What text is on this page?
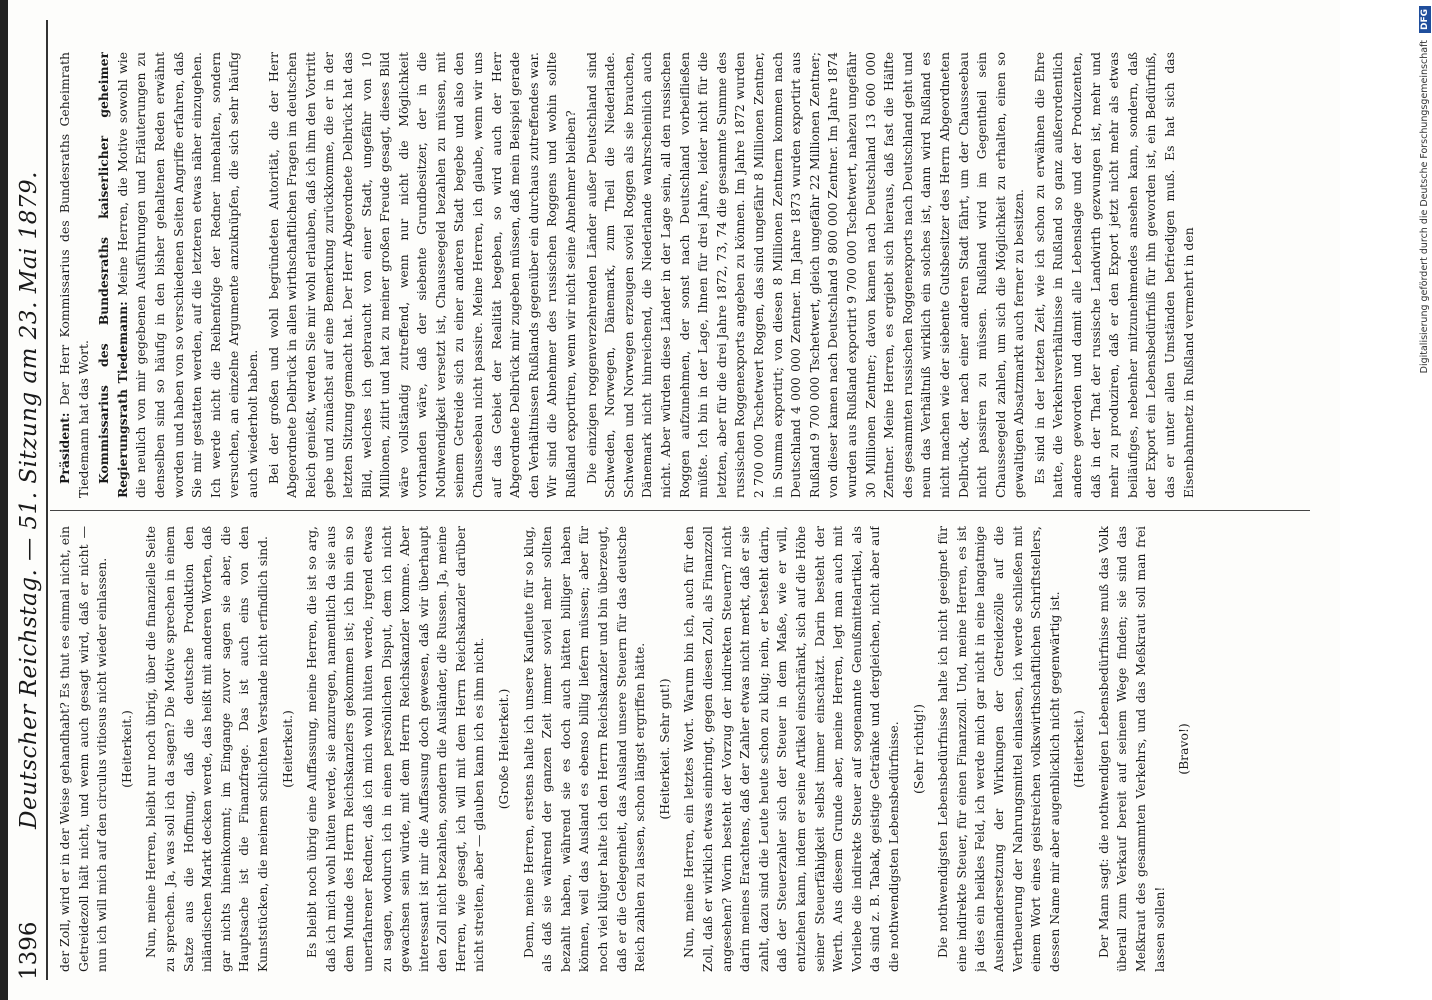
1396
Deutscher Reichstag. — 51. Sitzung am 23. Mai 1879. der Zoll, wird er in der Weise gehandhabt? Es thut es einmal nicht, ein Getreidezoll hält nicht, und wenn auch gesagt wird, daß er nicht — nun ich will mich auf den circulus vitiosus nicht wieder einlassen. (Heiterkeit.) Nun, meine Herren, bleibt nur noch übrig, über die finanzielle Seite zu sprechen. Ja, was soll ich da sagen? Die Motive sprechen in einem Satze aus die Hoffnung, daß die deutsche Produktion den inländischen Markt decken werde, das heißt mit anderen Worten, daß gar nichts hineinkommt; im Eingange zuvor sagen sie aber, die Hauptsache ist die Finanzfrage. Das ist auch eins von den Kunststücken, die meinem schlichten Verstande nicht erfindlich sind. (Heiterkeit.) Es bleibt noch übrig eine Auffassung, meine Herren, die ist so arg, daß ich mich wohl hüten werde, sie anzuregen, namentlich da sie aus dem Munde des Herrn Reichskanzlers gekommen ist; ich bin ein so unerfahrener Redner, daß ich mich wohl hüten werde, irgend etwas zu sagen, wodurch ich in einen persönlichen Disput, dem ich nicht gewachsen sein würde, mit dem Herrn Reichskanzler komme. Aber interessant ist mir die Auffassung doch gewesen, daß wir überhaupt den Zoll nicht bezahlen, sondern die Ausländer, die Russen. Ja, meine Herren, wie gesagt, ich will mit dem Herrn Reichskanzler darüber nicht streiten, aber — glauben kann ich es ihm nicht. (Große Heiterkeit.) Denn, meine Herren, erstens halte ich unsere Kaufleute für so klug, als daß sie während der ganzen Zeit immer soviel mehr sollten bezahlt haben, während sie es doch auch hätten billiger haben können, weil das Ausland es ebenso billig liefern müssen; aber für noch viel klüger halte ich den Herrn Reichskanzler und bin überzeugt, daß er die Gelegenheit, das Ausland unsere Steuern für das deutsche Reich zahlen zu lassen, schon längst ergriffen hätte. (Heiterkeit. Sehr gut!) Nun, meine Herren, ein letztes Wort. Warum bin ich, auch für den Zoll, daß er wirklich etwas einbringt, gegen diesen Zoll, als Finanzzoll angesehen? Worin besteht der Vorzug der indirekten Steuern? nicht darin meines Erachtens, daß der Zahler etwas nicht merkt, daß er sie zahlt, dazu sind die Leute heute schon zu klug; nein, er besteht darin, daß der Steuerzahler sich der Steuer in dem Maße, wie er will, entziehen kann, indem er seine Artikel einschränkt, sich auf die Höhe seiner Steuerfähigkeit selbst immer einschätzt. Darin besteht der Werth. Aus diesem Grunde aber, meine Herren, legt man auch mit Vorliebe die indirekte Steuer auf sogenannte Genußmittelartikel, als da sind z. B. Tabak, geistige Getränke und dergleichen, nicht aber auf die nothwendigsten Lebensbedürfnisse. (Sehr richtig!) Die nothwendigsten Lebensbedürfnisse halte ich nicht geeignet für eine indirekte Steuer, für einen Finanzzoll. Und, meine Herren, es ist ja dies ein heikles Feld, ich werde mich gar nicht in eine langatmige Auseinandersetzung der Wirkungen der Getreidezölle auf die Vertheuerung der Nahrungsmittel einlassen, ich werde schließen mit einem Wort eines geistreichen volkswirthschaftlichen Schriftstellers, dessen Name mir aber augenblicklich nicht gegenwärtig ist. (Heiterkeit.) Der Mann sagt: die nothwendigen Lebensbedürfnisse muß das Volk überall zum Verkauf bereit auf seinem Wege finden; sie sind das Meßkraut des gesammten Verkehrs, und das Meßkraut soll man frei lassen sollen!

(Bravo!)

Präsident: Der Herr Kommissarius des Bundesraths Geheimrath Tiedemann hat das Wort. Kommissarius des Bundesraths kaiserlicher geheimer Regierungsrath Tiedemann: Meine Herren, die Motive sowohl wie die neulich von mir gegebenen Ausführungen und Erläuterungen zu denselben sind so häufig in den bisher gehaltenen Reden erwähnt worden und haben von so verschiedenen Seiten Angriffe erfahren, daß Sie mir gestatten werden, auf die letzteren etwas näher einzugehen. Ich werde nicht die Reihenfolge der Redner innehalten, sondern versuchen, an einzelne Argumente anzuknüpfen, die sich sehr häufig auch wiederholt haben. Bei der großen und wohl begründeten Autorität, die der Herr Abgeordnete Delbrück in allen wirthschaftlichen Fragen im deutschen Reich genießt, werden Sie mir wohl erlauben, daß ich ihm den Vortritt gebe und zunächst auf eine Bemerkung zurückkomme, die er in der letzten Sitzung gemacht hat. Der Herr Abgeordnete Delbrück hat das Bild, welches ich gebraucht von einer Stadt, ungefähr von 10 Millionen, zitirt und hat zu meiner großen Freude gesagt, dieses Bild wäre vollständig zutreffend, wenn nur nicht die Möglichkeit vorhanden wäre, daß der siebente Grundbesitzer, der in die Nothwendigkeit versetzt ist, Chausseegeld bezahlen zu müssen, mit seinem Getreide sich zu einer anderen Stadt begebe und also den Chausseebau nicht passire. Meine Herren, ich glaube, wenn wir uns auf das Gebiet der Realität begeben, so wird auch der Herr Abgeordnete Delbrück mir zugeben müssen, daß mein Beispiel gerade den Verhältnissen Rußlands gegenüber ein durchaus zutreffendes war. Wir sind die Abnehmer des russischen Roggens und wohin sollte Rußland exportiren, wenn wir nicht seine Abnehmer bleiben? Die einzigen roggenverzehrenden Länder außer Deutschland sind Schweden, Norwegen, Dänemark, zum Theil die Niederlande. Schweden und Norwegen erzeugen soviel Roggen als sie brauchen, Dänemark nicht hinreichend, die Niederlande wahrscheinlich auch nicht. Aber würden diese Länder in der Lage sein, all den russischen Roggen aufzunehmen, der sonst nach Deutschland vorbeifließen müßte. Ich bin in der Lage, Ihnen für drei Jahre, leider nicht für die letzten, aber für die drei Jahre 1872, 73, 74 die gesammte Summe des russischen Roggenexports angeben zu können. Im Jahre 1872 wurden 2 700 000 Tschetwert Roggen, das sind ungefähr 8 Millionen Zentner, in Summa exportirt; von diesen 8 Millionen Zentnern kommen nach Deutschland 4 000 000 Zentner. Im Jahre 1873 wurden exportirt aus Rußland 9 700 000 Tschetwert, gleich ungefähr 22 Millionen Zentner; von dieser kamen nach Deutschland 9 800 000 Zentner. Im Jahre 1874 wurden aus Rußland exportirt 9 700 000 Tschetwert, nahezu ungefähr 30 Millionen Zentner; davon kamen nach Deutschland 13 600 000 Zentner. Meine Herren, es ergiebt sich hieraus, daß fast die Hälfte des gesammten russischen Roggenexports nach Deutschland geht und neun das Verhältniß wirklich ein solches ist, dann wird Rußland es nicht machen wie der siebente Gutsbesitzer des Herrn Abgeordneten Delbrück, der nach einer anderen Stadt fährt, um der Chausseebau nicht passiren zu müssen. Rußland wird im Gegentheil sein Chausseegeld zahlen, um sich die Möglichkeit zu erhalten, einen so gewaltigen Absatzmarkt auch ferner zu besitzen. Es sind in der letzten Zeit, wie ich schon zu erwähnen die Ehre hatte, die Verkehrsverhältnisse in Rußland so ganz außerordentlich andere geworden und damit alle Lebenslage und der Produzenten, daß in der That der russische Landwirth gezwungen ist, mehr und mehr zu produziren, daß er den Export jetzt nicht mehr als etwas beiläufiges, nebenher mitzunehmendes ansehen kann, sondern, daß der Export ein Lebensbedürfniß für ihn geworden ist, ein Bedürfniß, das er unter allen Umständen befriedigen muß. Es hat sich das Eisenbahnnetz in Rußland vermehrt in den	Digitalisierung gefördert durch die Deutsche Forschungsgemeinschaft DFG
